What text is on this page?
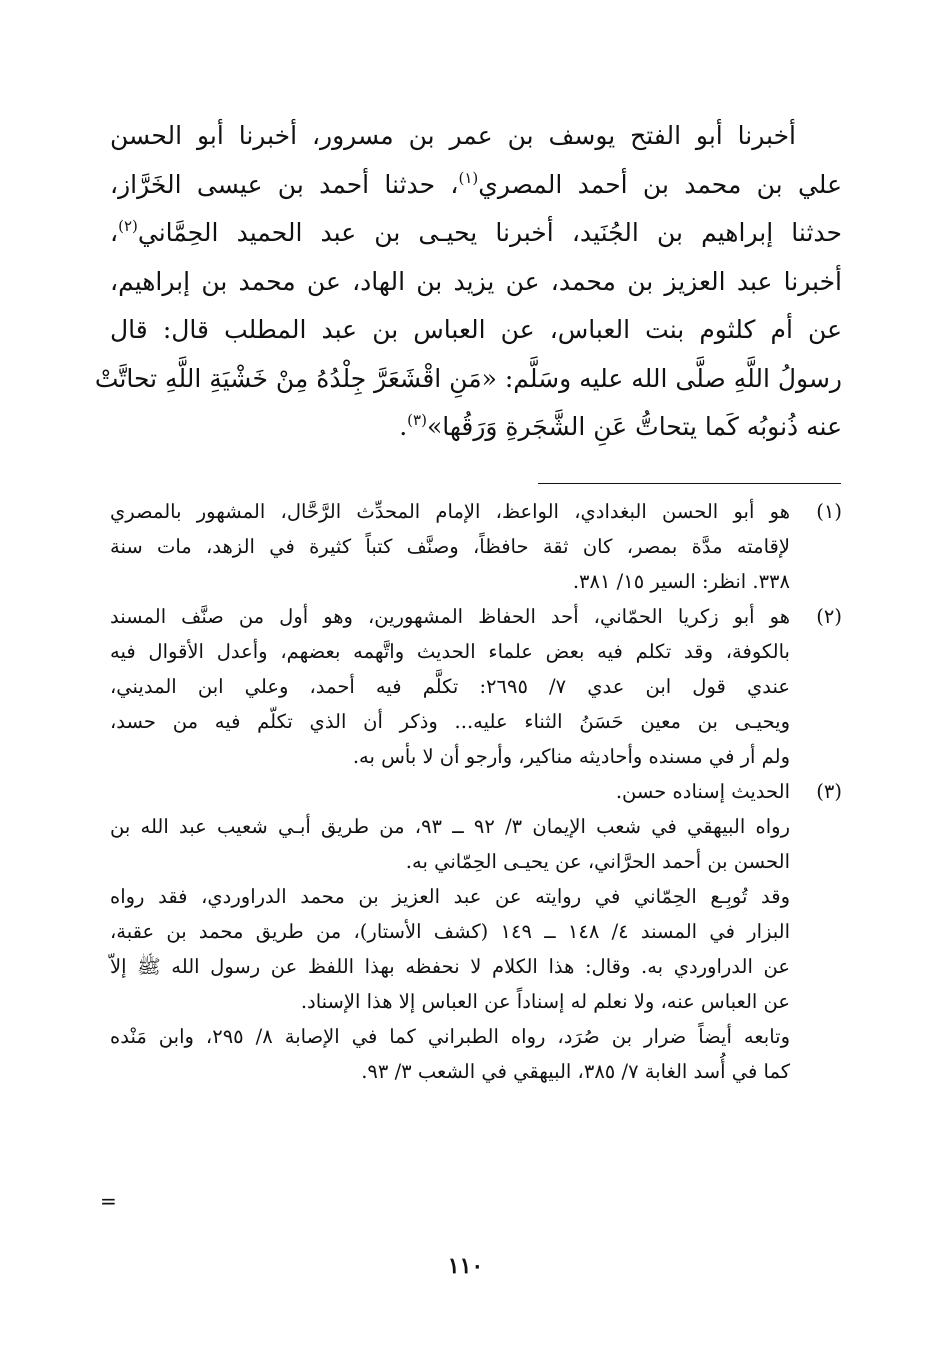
أخبرنا أبو الفتح يوسف بن عمر بن مسرور، أخبرنا أبو الحسن
علي بن محمد بن أحمد المصري$^{(١)}$، حدثنا أحمد بن عيسى الخَرَّاز،
حدثنا إبراهيم بن الجُنَيد، أخبرنا يحيـى بن عبد الحميد الحِمَّاني$^{(٢)}$،
أخبرنا عبد العزيز بن محمد، عن يزيد بن الهاد، عن محمد بن إبراهيم،
عن أم كلثوم بنت العباس، عن العباس بن عبد المطلب قال: قال
رسولُ اللَّهِ صلَّى الله عليه وسَلَّم: «مَنِ اقْشَعَرَّ جِلْدُهُ مِنْ خَشْيَةِ اللَّهِ تحاتَّتْ
عنه ذُنوبُه كَما يتحاتُّ عَنِ الشَّجَرةِ وَرَقُها»$^{(٣)}$.
(١)
هو أبو الحسن البغدادي، الواعظ، الإمام المحدِّث الرَّحَّال، المشهور بالمصري
لإقامته مدَّة بمصر، كان ثقة حافظاً، وصنَّف كتباً كثيرة في الزهد، مات سنة
٣٣٨. انظر: السير ١٥/ ٣٨١.
(٢)
هو أبو زكريا الحمّاني، أحد الحفاظ المشهورين، وهو أول من صنَّف المسند
بالكوفة، وقد تكلم فيه بعض علماء الحديث واتَّهمه بعضهم، وأعدل الأقوال فيه
عندي قول ابن عدي ٧/ ٢٦٩٥: تكلَّم فيه أحمد، وعلي ابن المديني،
ويحيـى بن معين حَسَنُ الثناء عليه... وذكر أن الذي تكلّم فيه من حسد،
ولم أر في مسنده وأحاديثه مناكير، وأرجو أن لا بأس به.
(٣)
الحديث إسناده حسن.
رواه البيهقي في شعب الإيمان ٣/ ٩٢ ــ ٩٣، من طريق أبـي شعيب عبد الله بن
الحسن بن أحمد الحرَّاني، عن يحيـى الحِمّاني به.
وقد تُوبِـع الحِمّاني في روايته عن عبد العزيز بن محمد الدراوردي، فقد رواه
البزار في المسند ٤/ ١٤٨ ــ ١٤٩ (كشف الأستار)، من طريق محمد بن عقبة،
عن الدراوردي به. وقال: هذا الكلام لا نحفظه بهذا اللفظ عن رسول الله ﷺ إلاّ
عن العباس عنه، ولا نعلم له إسناداً عن العباس إلا هذا الإسناد.
وتابعه أيضاً ضرار بن صُرَد، رواه الطبراني كما في الإصابة ٨/ ٢٩٥، وابن مَنْده
كما في أُسد الغابة ٧/ ٣٨٥، البيهقي في الشعب ٣/ ٩٣.
=
١١٠
